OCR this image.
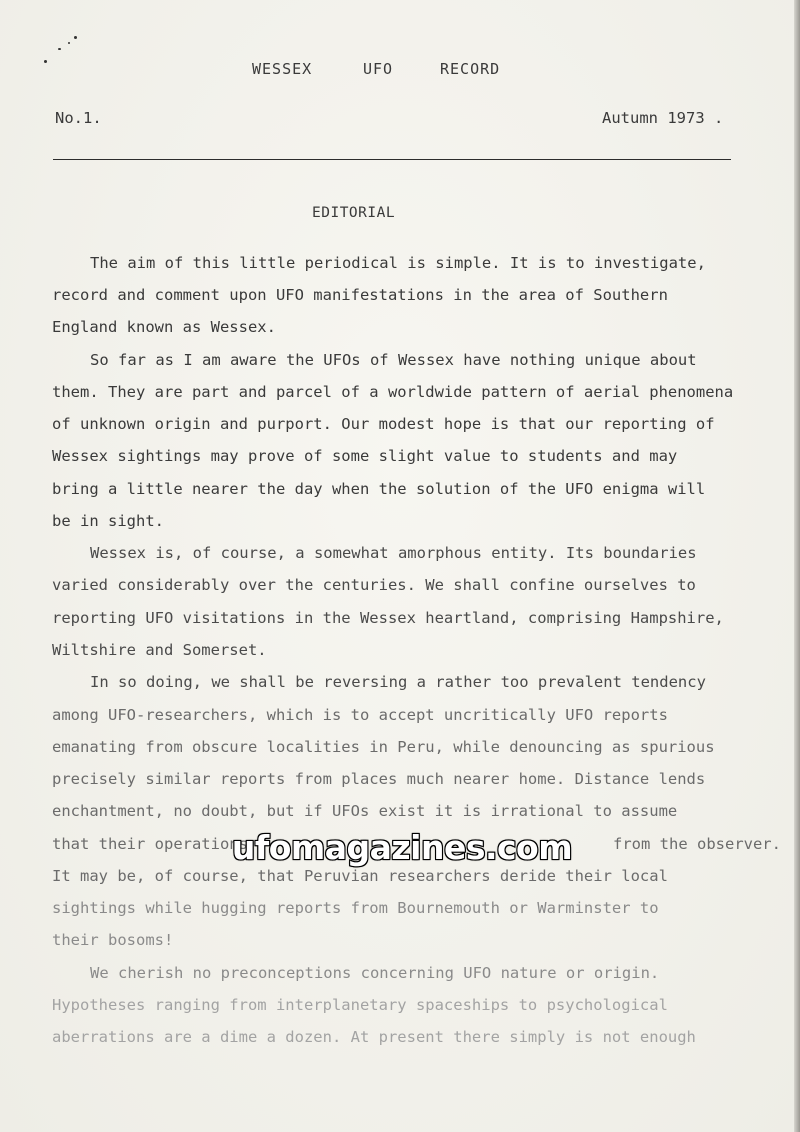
WESSEX	UFO	RECORD
No.1.	Autumn 1973 .
EDITORIAL
The aim of this little periodical is simple. It is to investigate,
record and comment upon UFO manifestations in the area of Southern
England known as Wessex.
So far as I am aware the UFOs of Wessex have nothing unique about
them. They are part and parcel of a worldwide pattern of aerial phenomena
of unknown origin and purport. Our modest hope is that our reporting of
Wessex sightings may prove of some slight value to students and may
bring a little nearer the day when the solution of the UFO enigma will
be in sight.
Wessex is, of course, a somewhat amorphous entity. Its boundaries
varied considerably over the centuries. We shall confine ourselves to
reporting UFO visitations in the Wessex heartland, comprising Hampshire,
Wiltshire and Somerset.
In so doing, we shall be reversing a rather too prevalent tendency
among UFO-researchers, which is to accept uncritically UFO reports
emanating from obscure localities in Peru, while denouncing as spurious
precisely similar reports from places much nearer home. Distance lends
enchantment, no doubt, but if UFOs exist it is irrational to assume
that their operations	from the observer.
It may be, of course, that Peruvian researchers deride their local
sightings while hugging reports from Bournemouth or Warminster to
their bosoms!
We cherish no preconceptions concerning UFO nature or origin.
Hypotheses ranging from interplanetary spaceships to psychological
aberrations are a dime a dozen. At present there simply is not enough
ufomagazines.com
